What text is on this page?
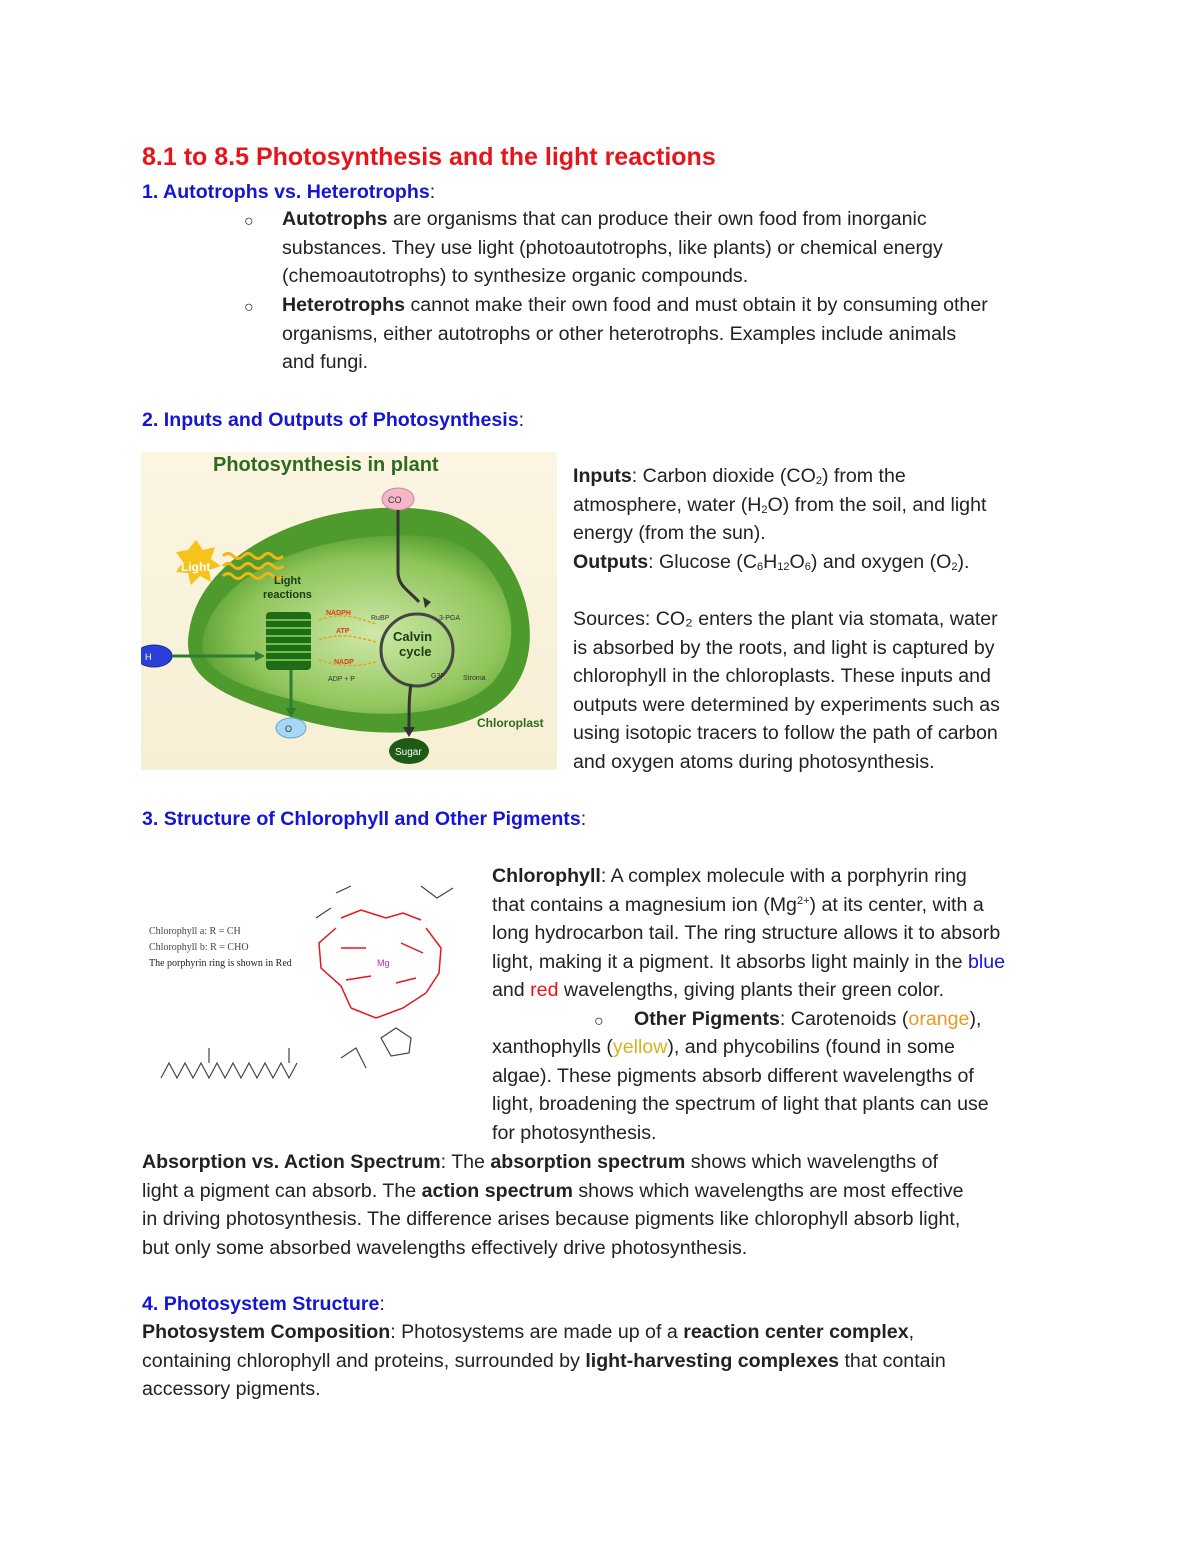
8.1 to 8.5 Photosynthesis and the light reactions
1. Autotrophs vs. Heterotrophs:
○ Autotrophs are organisms that can produce their own food from inorganic
substances. They use light (photoautotrophs, like plants) or chemical energy
(chemoautotrophs) to synthesize organic compounds.
○ Heterotrophs cannot make their own food and must obtain it by consuming other
organisms, either autotrophs or other heterotrophs. Examples include animals
and fungi.
2. Inputs and Outputs of Photosynthesis:
Photosynthesis in plant
Light
Light
reactions
CO
Calvin
cycle
RuBP	3-PGA
G3P	Stroma
NADPH
ATP
NADP
ADP + P
H
O
Sugar
Chloroplast
Inputs: Carbon dioxide $(CO_2)$ from the
atmosphere, water $(H_2O)$ from the soil, and light
energy (from the sun).
Outputs: Glucose $(C_6H_{12}O_6)$ and oxygen $(O_2)$.

Sources: CO₂ enters the plant via stomata, water
is absorbed by the roots, and light is captured by
chlorophyll in the chloroplasts. These inputs and
outputs were determined by experiments such as
using isotopic tracers to follow the path of carbon
and oxygen atoms during photosynthesis.
3. Structure of Chlorophyll and Other Pigments:
Chlorophyll a: R = CH
Chlorophyll b: R = CHO
The porphyrin ring is shown in Red	Mg
Chlorophyll: A complex molecule with a porphyrin ring
that contains a magnesium ion $(Mg^{2+})$ at its center, with a
long hydrocarbon tail. The ring structure allows it to absorb
light, making it a pigment. It absorbs light mainly in the blue
and red wavelengths, giving plants their green color.
○ Other Pigments: Carotenoids (orange),
xanthophylls (yellow), and phycobilins (found in some
algae). These pigments absorb different wavelengths of
light, broadening the spectrum of light that plants can use
for photosynthesis.
Absorption vs. Action Spectrum: The absorption spectrum shows which wavelengths of
light a pigment can absorb. The action spectrum shows which wavelengths are most effective
in driving photosynthesis. The difference arises because pigments like chlorophyll absorb light,
but only some absorbed wavelengths effectively drive photosynthesis.
4. Photosystem Structure:
Photosystem Composition: Photosystems are made up of a reaction center complex,
containing chlorophyll and proteins, surrounded by light-harvesting complexes that contain
accessory pigments.
